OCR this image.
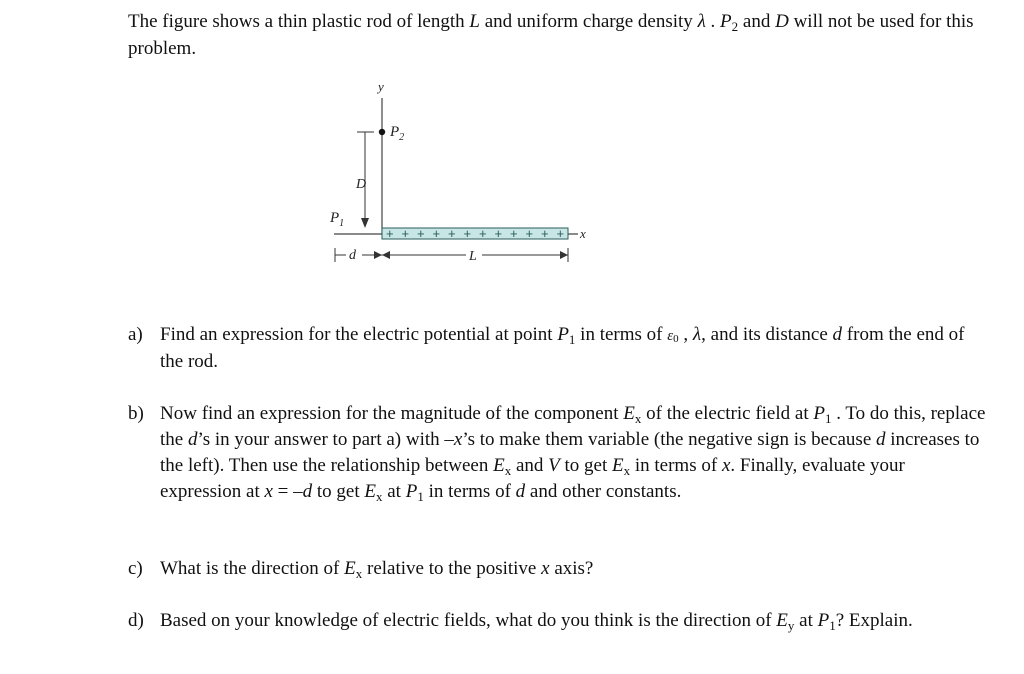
The figure shows a thin plastic rod of length L and uniform charge density λ . $P_2$ and D will not be used for this problem.
y
$P_2$
D
$P_1$
x
+ + + + + + + + + + + +
d	L
a) Find an expression for the electric potential at point $P_1$ in terms of $\varepsilon_0$ , λ, and its distance d from the end of the rod.
b) Now find an expression for the magnitude of the component $E_x$ of the electric field at $P_1$ . To do this, replace the d’s in your answer to part a) with –x’s to make them variable (the negative sign is because d increases to the left). Then use the relationship between $E_x$ and V to get $E_x$ in terms of x. Finally, evaluate your expression at x = –d to get $E_x$ at $P_1$ in terms of d and other constants.
c) What is the direction of $E_x$ relative to the positive x axis?
d) Based on your knowledge of electric fields, what do you think is the direction of $E_y$ at $P_1$? Explain.
